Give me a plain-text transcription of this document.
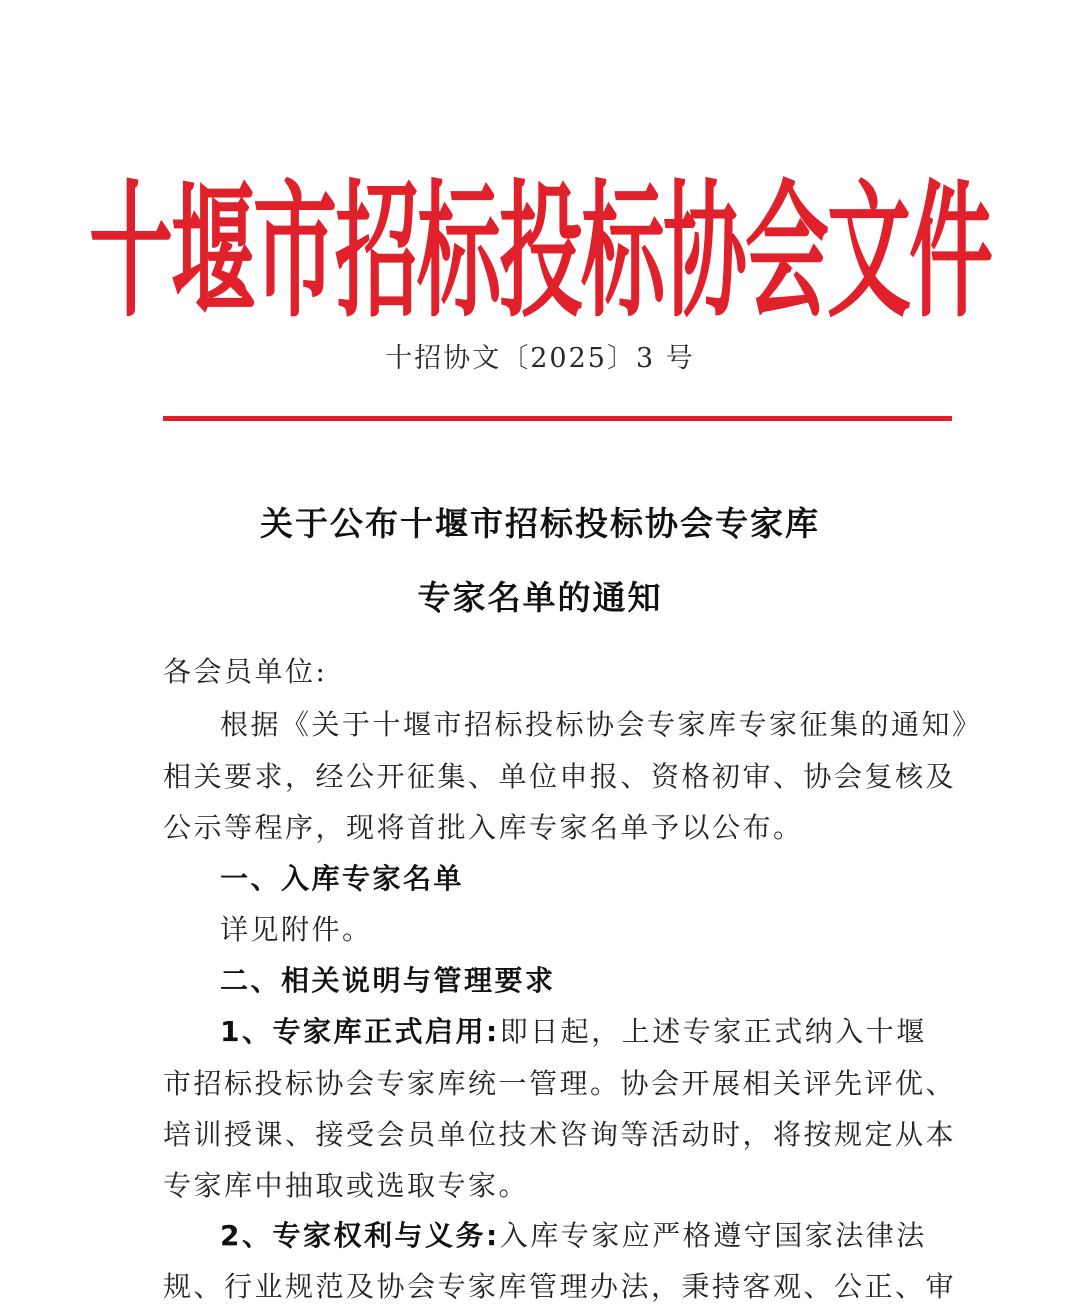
十堰市招标投标协会文件
十招协文〔2025〕3 号
关于公布十堰市招标投标协会专家库
专家名单的通知
各会员单位:
根据《关于十堰市招标投标协会专家库专家征集的通知》
相关要求，经公开征集、单位申报、资格初审、协会复核及
公示等程序，现将首批入库专家名单予以公布。
一、入库专家名单
详见附件。
二、相关说明与管理要求
1、专家库正式启用:即日起，上述专家正式纳入十堰
市招标投标协会专家库统一管理。协会开展相关评先评优、
培训授课、接受会员单位技术咨询等活动时，将按规定从本
专家库中抽取或选取专家。
2、专家权利与义务:入库专家应严格遵守国家法律法
规、行业规范及协会专家库管理办法，秉持客观、公正、审
